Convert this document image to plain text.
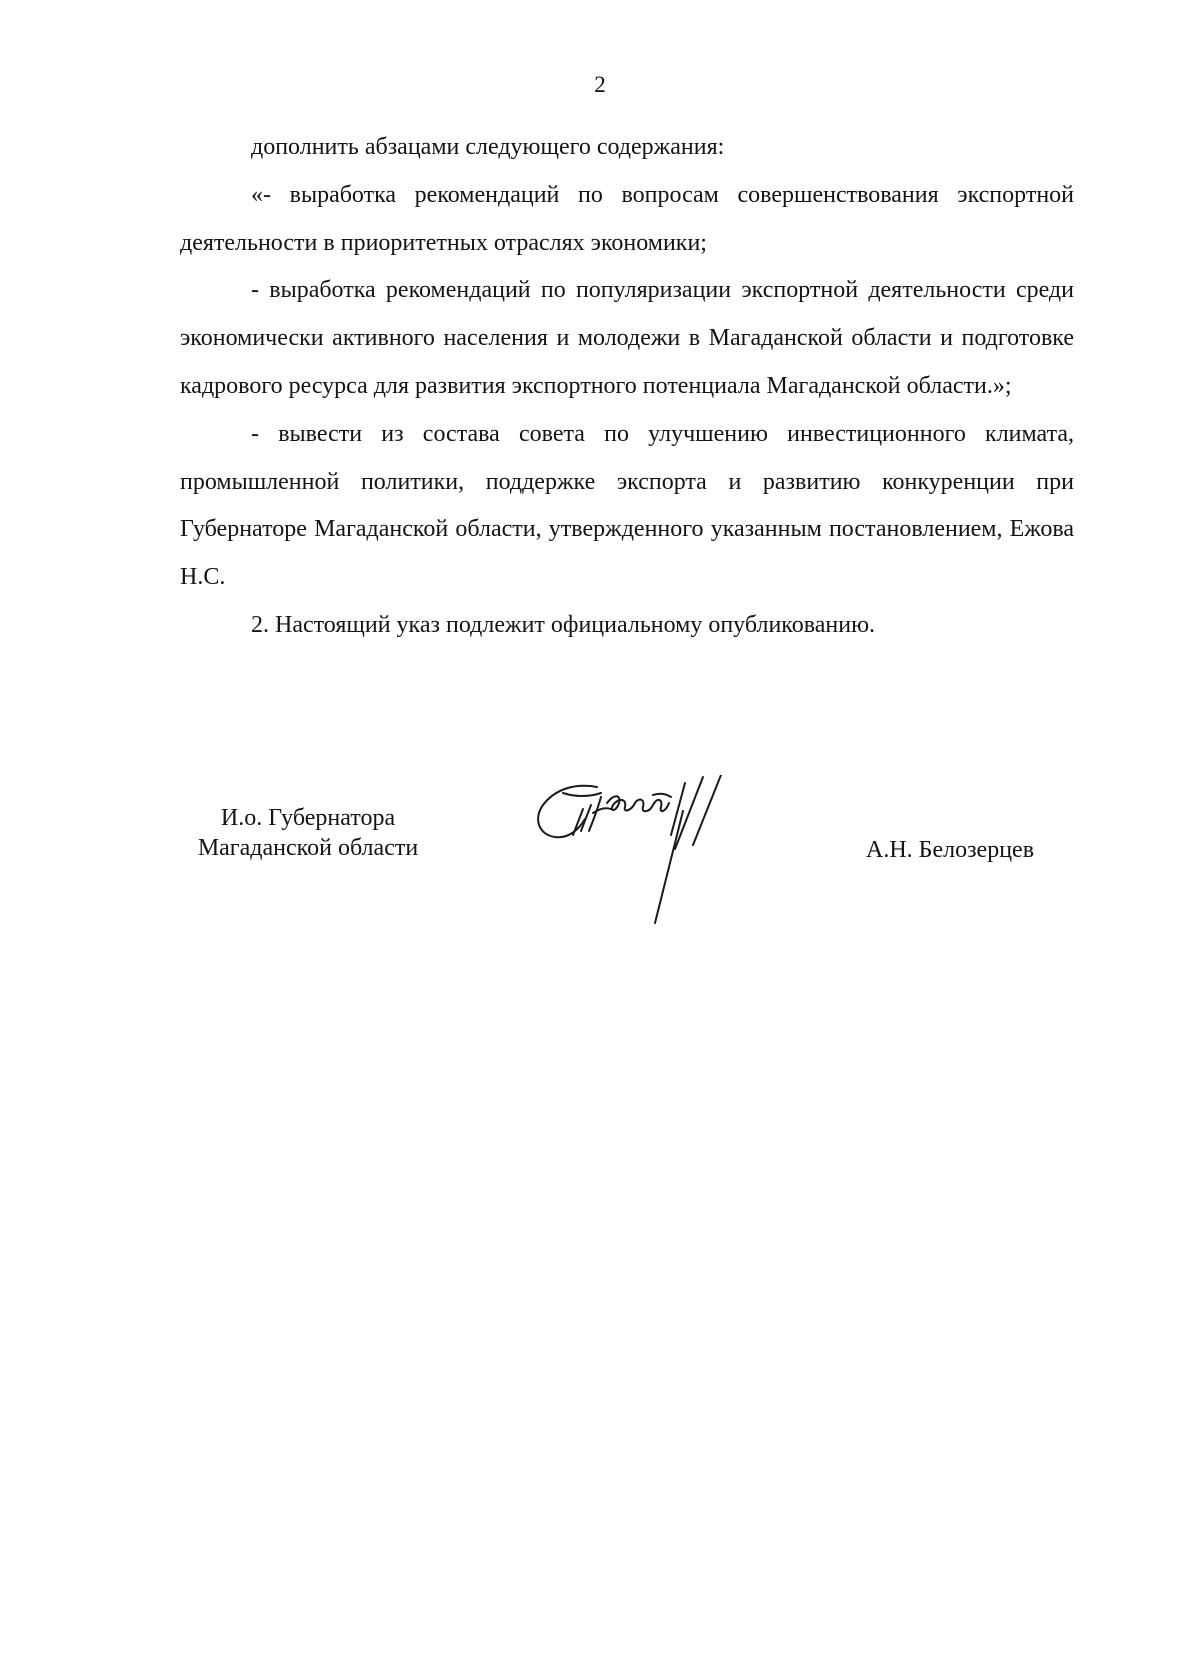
2

дополнить абзацами следующего содержания:

«- выработка рекомендаций по вопросам совершенствования экспортной деятельности в приоритетных отраслях экономики;

- выработка рекомендаций по популяризации экспортной деятельности среди экономически активного населения и молодежи в Магаданской области и подготовке кадрового ресурса для развития экспортного потенциала Магаданской области.»;

- вывести из состава совета по улучшению инвестиционного климата, промышленной политики, поддержке экспорта и развитию конкуренции при Губернаторе Магаданской области, утвержденного указанным постановлением, Ежова Н.С.

2. Настоящий указ подлежит официальному опубликованию.

И.о. Губернатора
Магаданской области	А.Н. Белозерцев
